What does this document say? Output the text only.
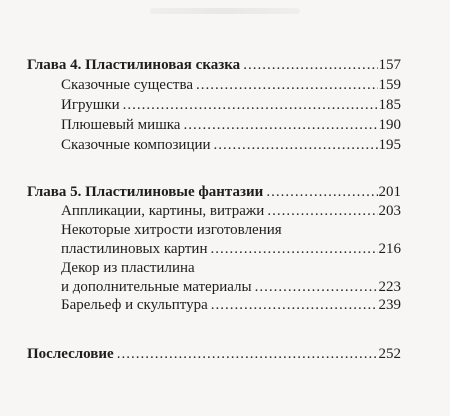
Глава 4. Пластилиновая сказка .....	157
Сказочные существа .....	159
Игрушки .....	185
Плюшевый мишка .....	190
Сказочные композиции .....	195
Глава 5. Пластилиновые фантазии .....	201
Аппликации, картины, витражи .....	203
Некоторые хитрости изготовления
пластилиновых картин .....	216
Декор из пластилина
и дополнительные материалы .....	223
Барельеф и скульптура .....	239
Послесловие .....	252
